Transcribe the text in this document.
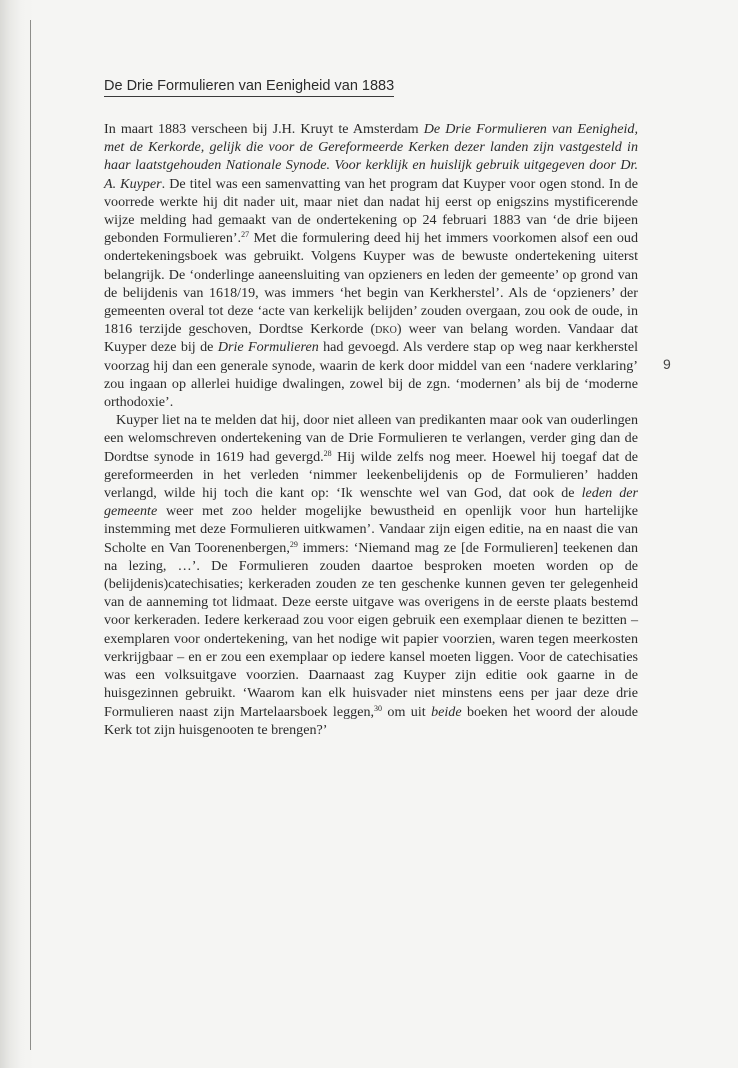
De Drie Formulieren van Eenigheid van 1883

In maart 1883 verscheen bij J.H. Kruyt te Amsterdam De Drie Formulieren van Eenigheid, met de Kerkorde, gelijk die voor de Gereformeerde Kerken dezer landen zijn vastgesteld in haar laatstgehouden Nationale Synode. Voor kerklijk en huislijk gebruik uitgegeven door Dr. A. Kuyper. De titel was een samenvatting van het program dat Kuyper voor ogen stond. In de voorrede werkte hij dit nader uit, maar niet dan nadat hij eerst op enigszins mystificerende wijze melding had gemaakt van de ondertekening op 24 februari 1883 van ‘de drie bijeen gebonden Formulieren’.$^{27}$ Met die formulering deed hij het immers voorkomen alsof een oud ondertekeningsboek was gebruikt. Volgens Kuyper was de bewuste ondertekening uiterst belangrijk. De ‘onderlinge aaneensluiting van opzieners en leden der gemeente’ op grond van de belijdenis van 1618/19, was immers ‘het begin van Kerkherstel’. Als de ‘opzieners’ der gemeenten overal tot deze ‘acte van kerkelijk belijden’ zouden overgaan, zou ook de oude, in 1816 terzijde geschoven, Dordtse Kerkorde (dko) weer van belang worden. Vandaar dat Kuyper deze bij de Drie Formulieren had gevoegd. Als verdere stap op weg naar kerkherstel voorzag hij dan een generale synode, waarin de kerk door middel van een ‘nadere verklaring’ zou ingaan op allerlei huidige dwalingen, zowel bij de zgn. ‘modernen’ als bij de ‘moderne orthodoxie’.

Kuyper liet na te melden dat hij, door niet alleen van predikanten maar ook van ouderlingen een welomschreven ondertekening van de Drie Formulieren te verlangen, verder ging dan de Dordtse synode in 1619 had gevergd.$^{28}$ Hij wilde zelfs nog meer. Hoewel hij toegaf dat de gereformeerden in het verleden ‘nimmer leekenbelijdenis op de Formulieren’ hadden verlangd, wilde hij toch die kant op: ‘Ik wenschte wel van God, dat ook de leden der gemeente weer met zoo helder mogelijke bewustheid en openlijk voor hun hartelijke instemming met deze Formulieren uitkwamen’. Vandaar zijn eigen editie, na en naast die van Scholte en Van Toorenenbergen,$^{29}$ immers: ‘Niemand mag ze [de Formulieren] teekenen dan na lezing, …’. De Formulieren zouden daartoe besproken moeten worden op de (belijdenis)catechisaties; kerkeraden zouden ze ten geschenke kunnen geven ter gelegenheid van de aanneming tot lidmaat. Deze eerste uitgave was overigens in de eerste plaats bestemd voor kerkeraden. Iedere kerkeraad zou voor eigen gebruik een exemplaar dienen te bezitten – exemplaren voor ondertekening, van het nodige wit papier voorzien, waren tegen meerkosten verkrijgbaar – en er zou een exemplaar op iedere kansel moeten liggen. Voor de catechisaties was een volksuitgave voorzien. Daarnaast zag Kuyper zijn editie ook gaarne in de huisgezinnen gebruikt. ‘Waarom kan elk huisvader niet minstens eens per jaar deze drie Formulieren naast zijn Martelaarsboek leggen,$^{30}$ om uit beide boeken het woord der aloude Kerk tot zijn huisgenooten te brengen?’

9
